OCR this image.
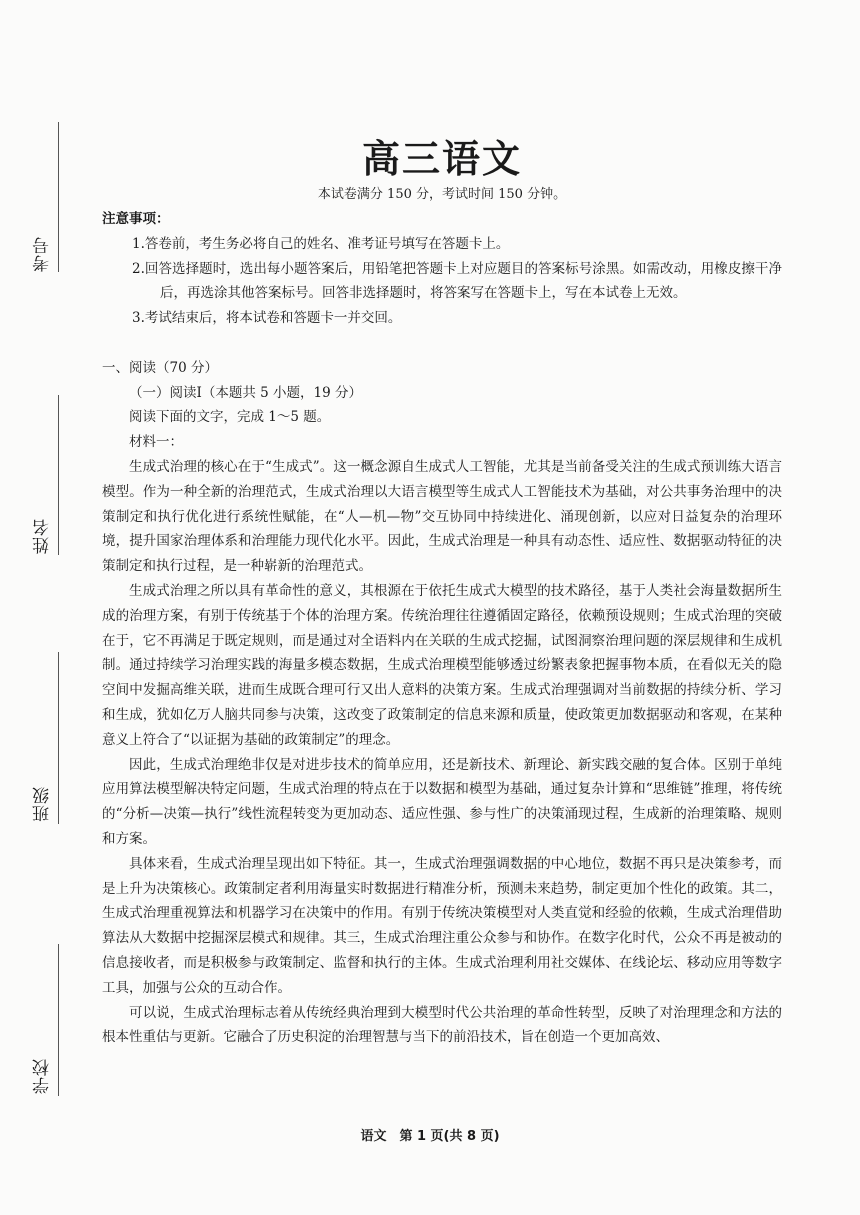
考号
姓名
班级
学校
高三语文

本试卷满分 150 分，考试时间 150 分钟。

注意事项：

1.答卷前，考生务必将自己的姓名、准考证号填写在答题卡上。

2.回答选择题时，选出每小题答案后，用铅笔把答题卡上对应题目的答案标号涂黑。如需改动，用橡皮擦干净后，再选涂其他答案标号。回答非选择题时，将答案写在答题卡上，写在本试卷上无效。

3.考试结束后，将本试卷和答题卡一并交回。

一、阅读（70 分）

（一）阅读Ⅰ（本题共 5 小题，19 分）

阅读下面的文字，完成 1～5 题。

材料一：

生成式治理的核心在于“生成式”。这一概念源自生成式人工智能，尤其是当前备受关注的生成式预训练大语言模型。作为一种全新的治理范式，生成式治理以大语言模型等生成式人工智能技术为基础，对公共事务治理中的决策制定和执行优化进行系统性赋能，在“人—机—物”交互协同中持续进化、涌现创新，以应对日益复杂的治理环境，提升国家治理体系和治理能力现代化水平。因此，生成式治理是一种具有动态性、适应性、数据驱动特征的决策制定和执行过程，是一种崭新的治理范式。

生成式治理之所以具有革命性的意义，其根源在于依托生成式大模型的技术路径，基于人类社会海量数据所生成的治理方案，有别于传统基于个体的治理方案。传统治理往往遵循固定路径，依赖预设规则；生成式治理的突破在于，它不再满足于既定规则，而是通过对全语料内在关联的生成式挖掘，试图洞察治理问题的深层规律和生成机制。通过持续学习治理实践的海量多模态数据，生成式治理模型能够透过纷繁表象把握事物本质，在看似无关的隐空间中发掘高维关联，进而生成既合理可行又出人意料的决策方案。生成式治理强调对当前数据的持续分析、学习和生成，犹如亿万人脑共同参与决策，这改变了政策制定的信息来源和质量，使政策更加数据驱动和客观，在某种意义上符合了“以证据为基础的政策制定”的理念。

因此，生成式治理绝非仅是对进步技术的简单应用，还是新技术、新理论、新实践交融的复合体。区别于单纯应用算法模型解决特定问题，生成式治理的特点在于以数据和模型为基础，通过复杂计算和“思维链”推理，将传统的“分析—决策—执行”线性流程转变为更加动态、适应性强、参与性广的决策涌现过程，生成新的治理策略、规则和方案。

具体来看，生成式治理呈现出如下特征。其一，生成式治理强调数据的中心地位，数据不再只是决策参考，而是上升为决策核心。政策制定者利用海量实时数据进行精准分析，预测未来趋势，制定更加个性化的政策。其二，生成式治理重视算法和机器学习在决策中的作用。有别于传统决策模型对人类直觉和经验的依赖，生成式治理借助算法从大数据中挖掘深层模式和规律。其三，生成式治理注重公众参与和协作。在数字化时代，公众不再是被动的信息接收者，而是积极参与政策制定、监督和执行的主体。生成式治理利用社交媒体、在线论坛、移动应用等数字工具，加强与公众的互动合作。

可以说，生成式治理标志着从传统经典治理到大模型时代公共治理的革命性转型，反映了对治理理念和方法的根本性重估与更新。它融合了历史积淀的治理智慧与当下的前沿技术，旨在创造一个更加高效、

语文　第 1 页(共 8 页)
